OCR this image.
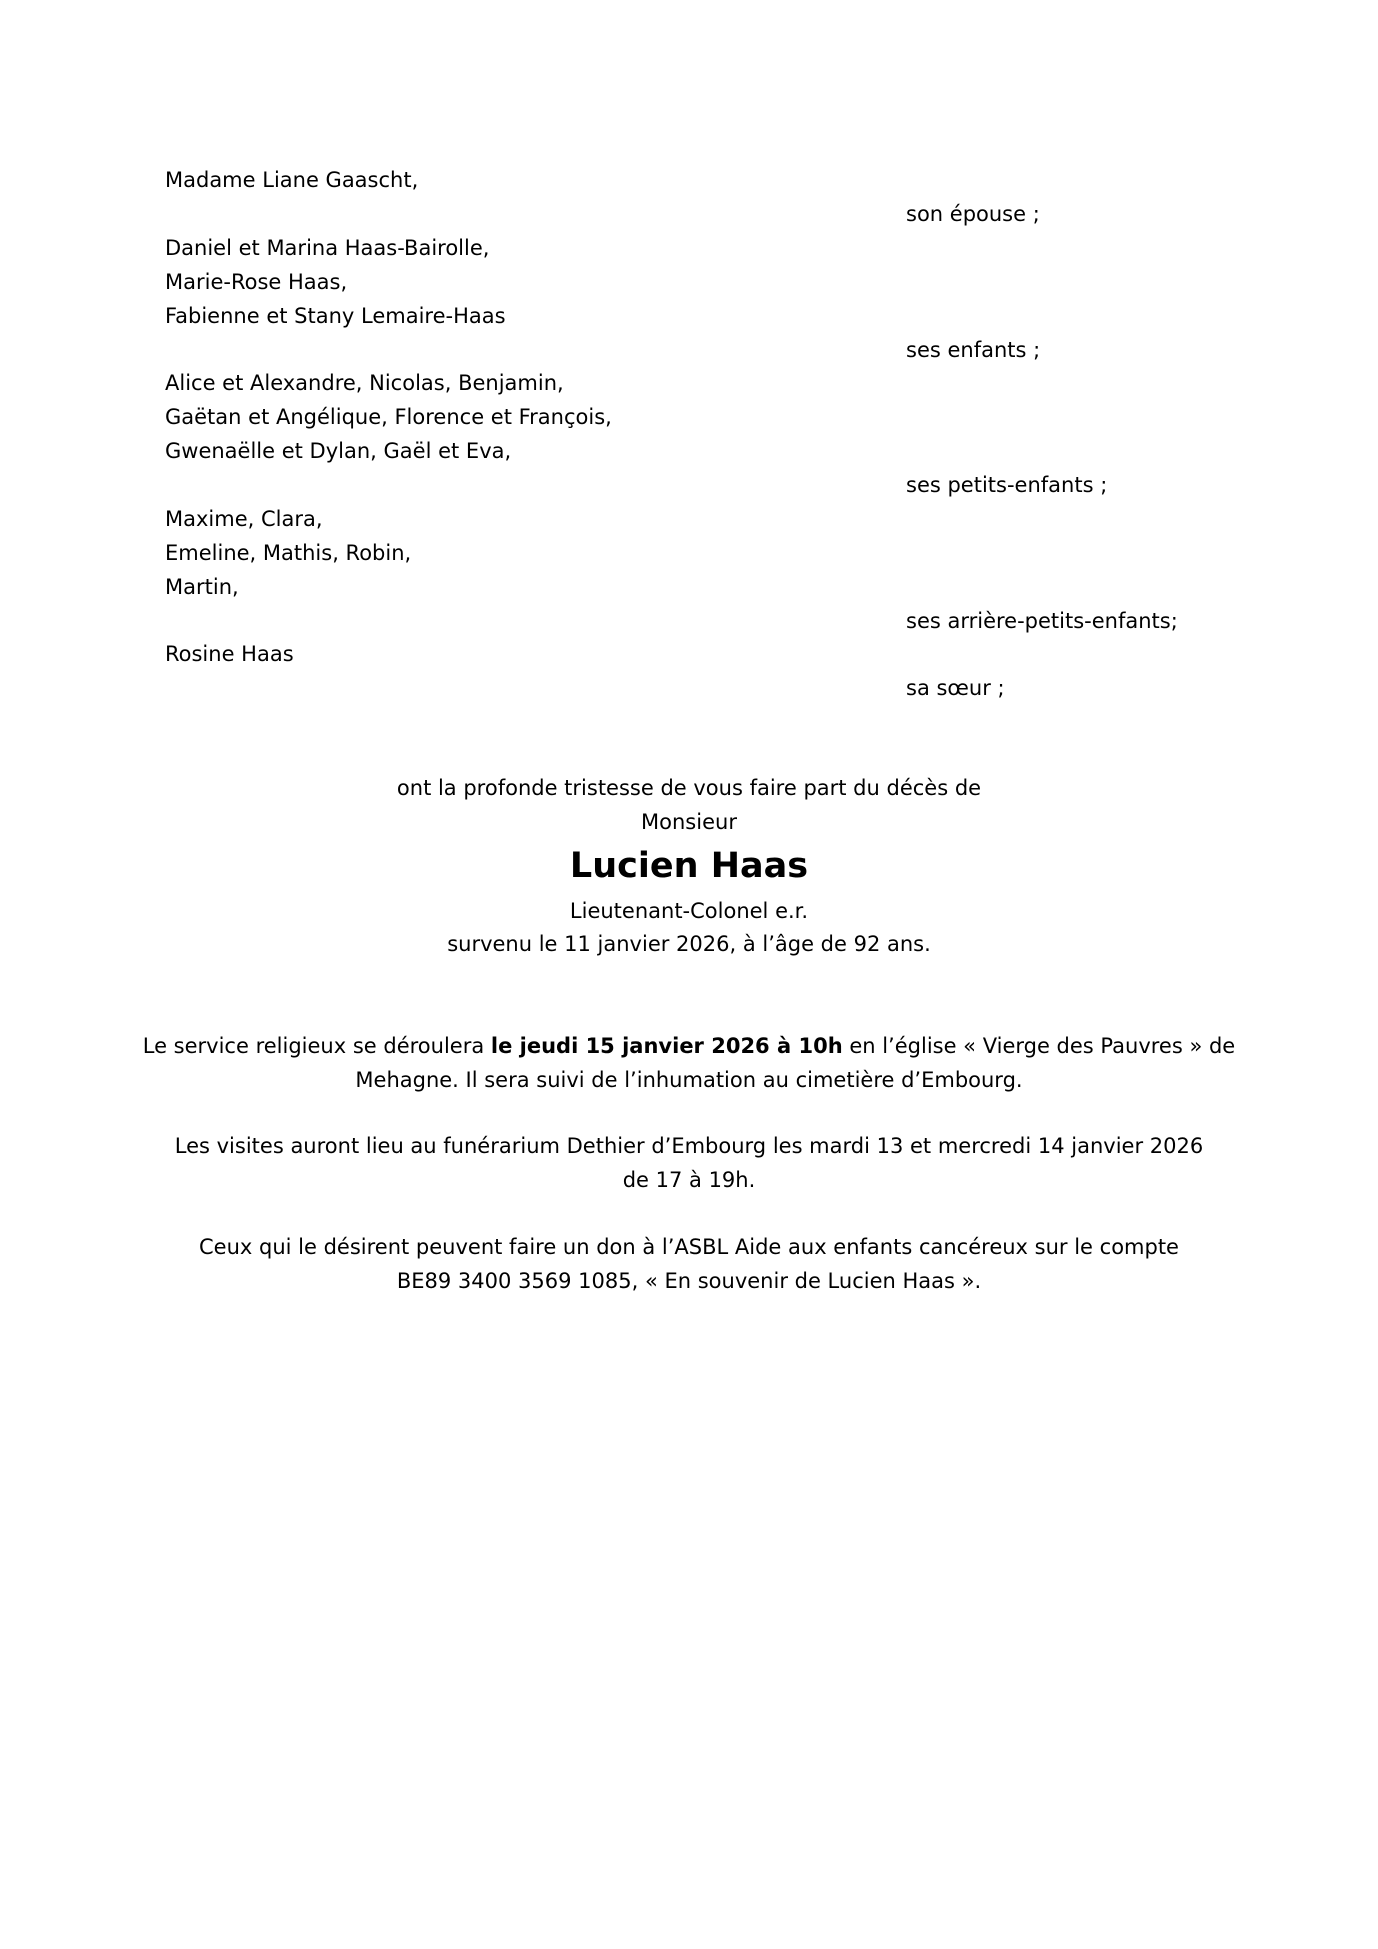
Madame Liane Gaascht,
son épouse ;
Daniel et Marina Haas-Bairolle,
Marie-Rose Haas,
Fabienne et Stany Lemaire-Haas
ses enfants ;
Alice et Alexandre, Nicolas, Benjamin,
Gaëtan et Angélique, Florence et François,
Gwenaëlle et Dylan, Gaël et Eva,
ses petits-enfants ;
Maxime, Clara,
Emeline, Mathis, Robin,
Martin,
ses arrière-petits-enfants;
Rosine Haas
sa sœur ;
ont la profonde tristesse de vous faire part du décès de
Monsieur
Lucien Haas
Lieutenant-Colonel e.r.
survenu le 11 janvier 2026, à l’âge de 92 ans.
Le service religieux se déroulera le jeudi 15 janvier 2026 à 10h en l’église « Vierge des Pauvres » de
Mehagne. Il sera suivi de l’inhumation au cimetière d’Embourg.
Les visites auront lieu au funérarium Dethier d’Embourg les mardi 13 et mercredi 14 janvier 2026
de 17 à 19h.
Ceux qui le désirent peuvent faire un don à l’ASBL Aide aux enfants cancéreux sur le compte
BE89 3400 3569 1085, « En souvenir de Lucien Haas ».
